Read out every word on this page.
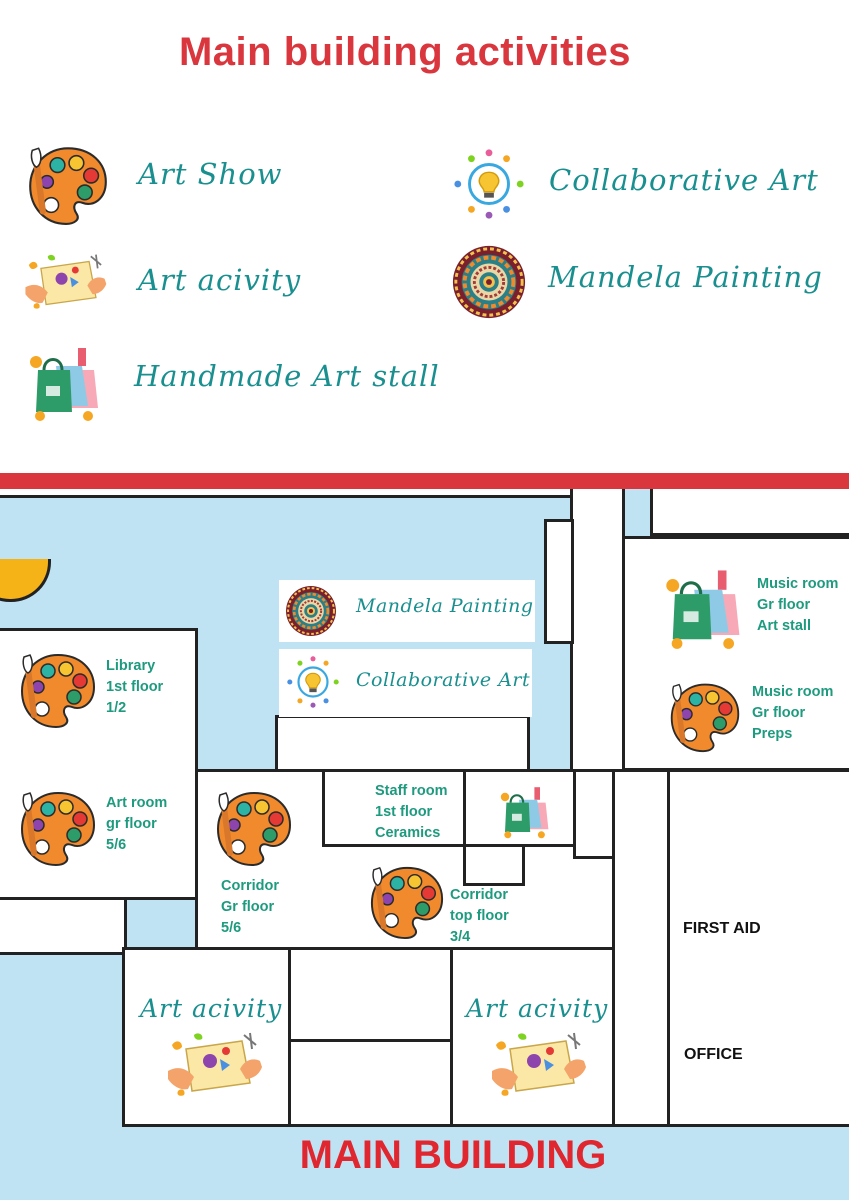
Main building activities
Art Show	Collaborative Art
Art acivity	Mandela Painting
Handmade Art stall
Mandela Painting
Collaborative Art
Music room
Gr floor
Art stall
Music room
Gr floor
Preps
Library
1st floor
1/2
Art room
gr floor
5/6
Corridor
Gr floor
5/6
Staff room
1st floor
Ceramics
Corridor
top floor
3/4	FIRST AID
OFFICE
Art acivity	Art acivity
MAIN BUILDING
